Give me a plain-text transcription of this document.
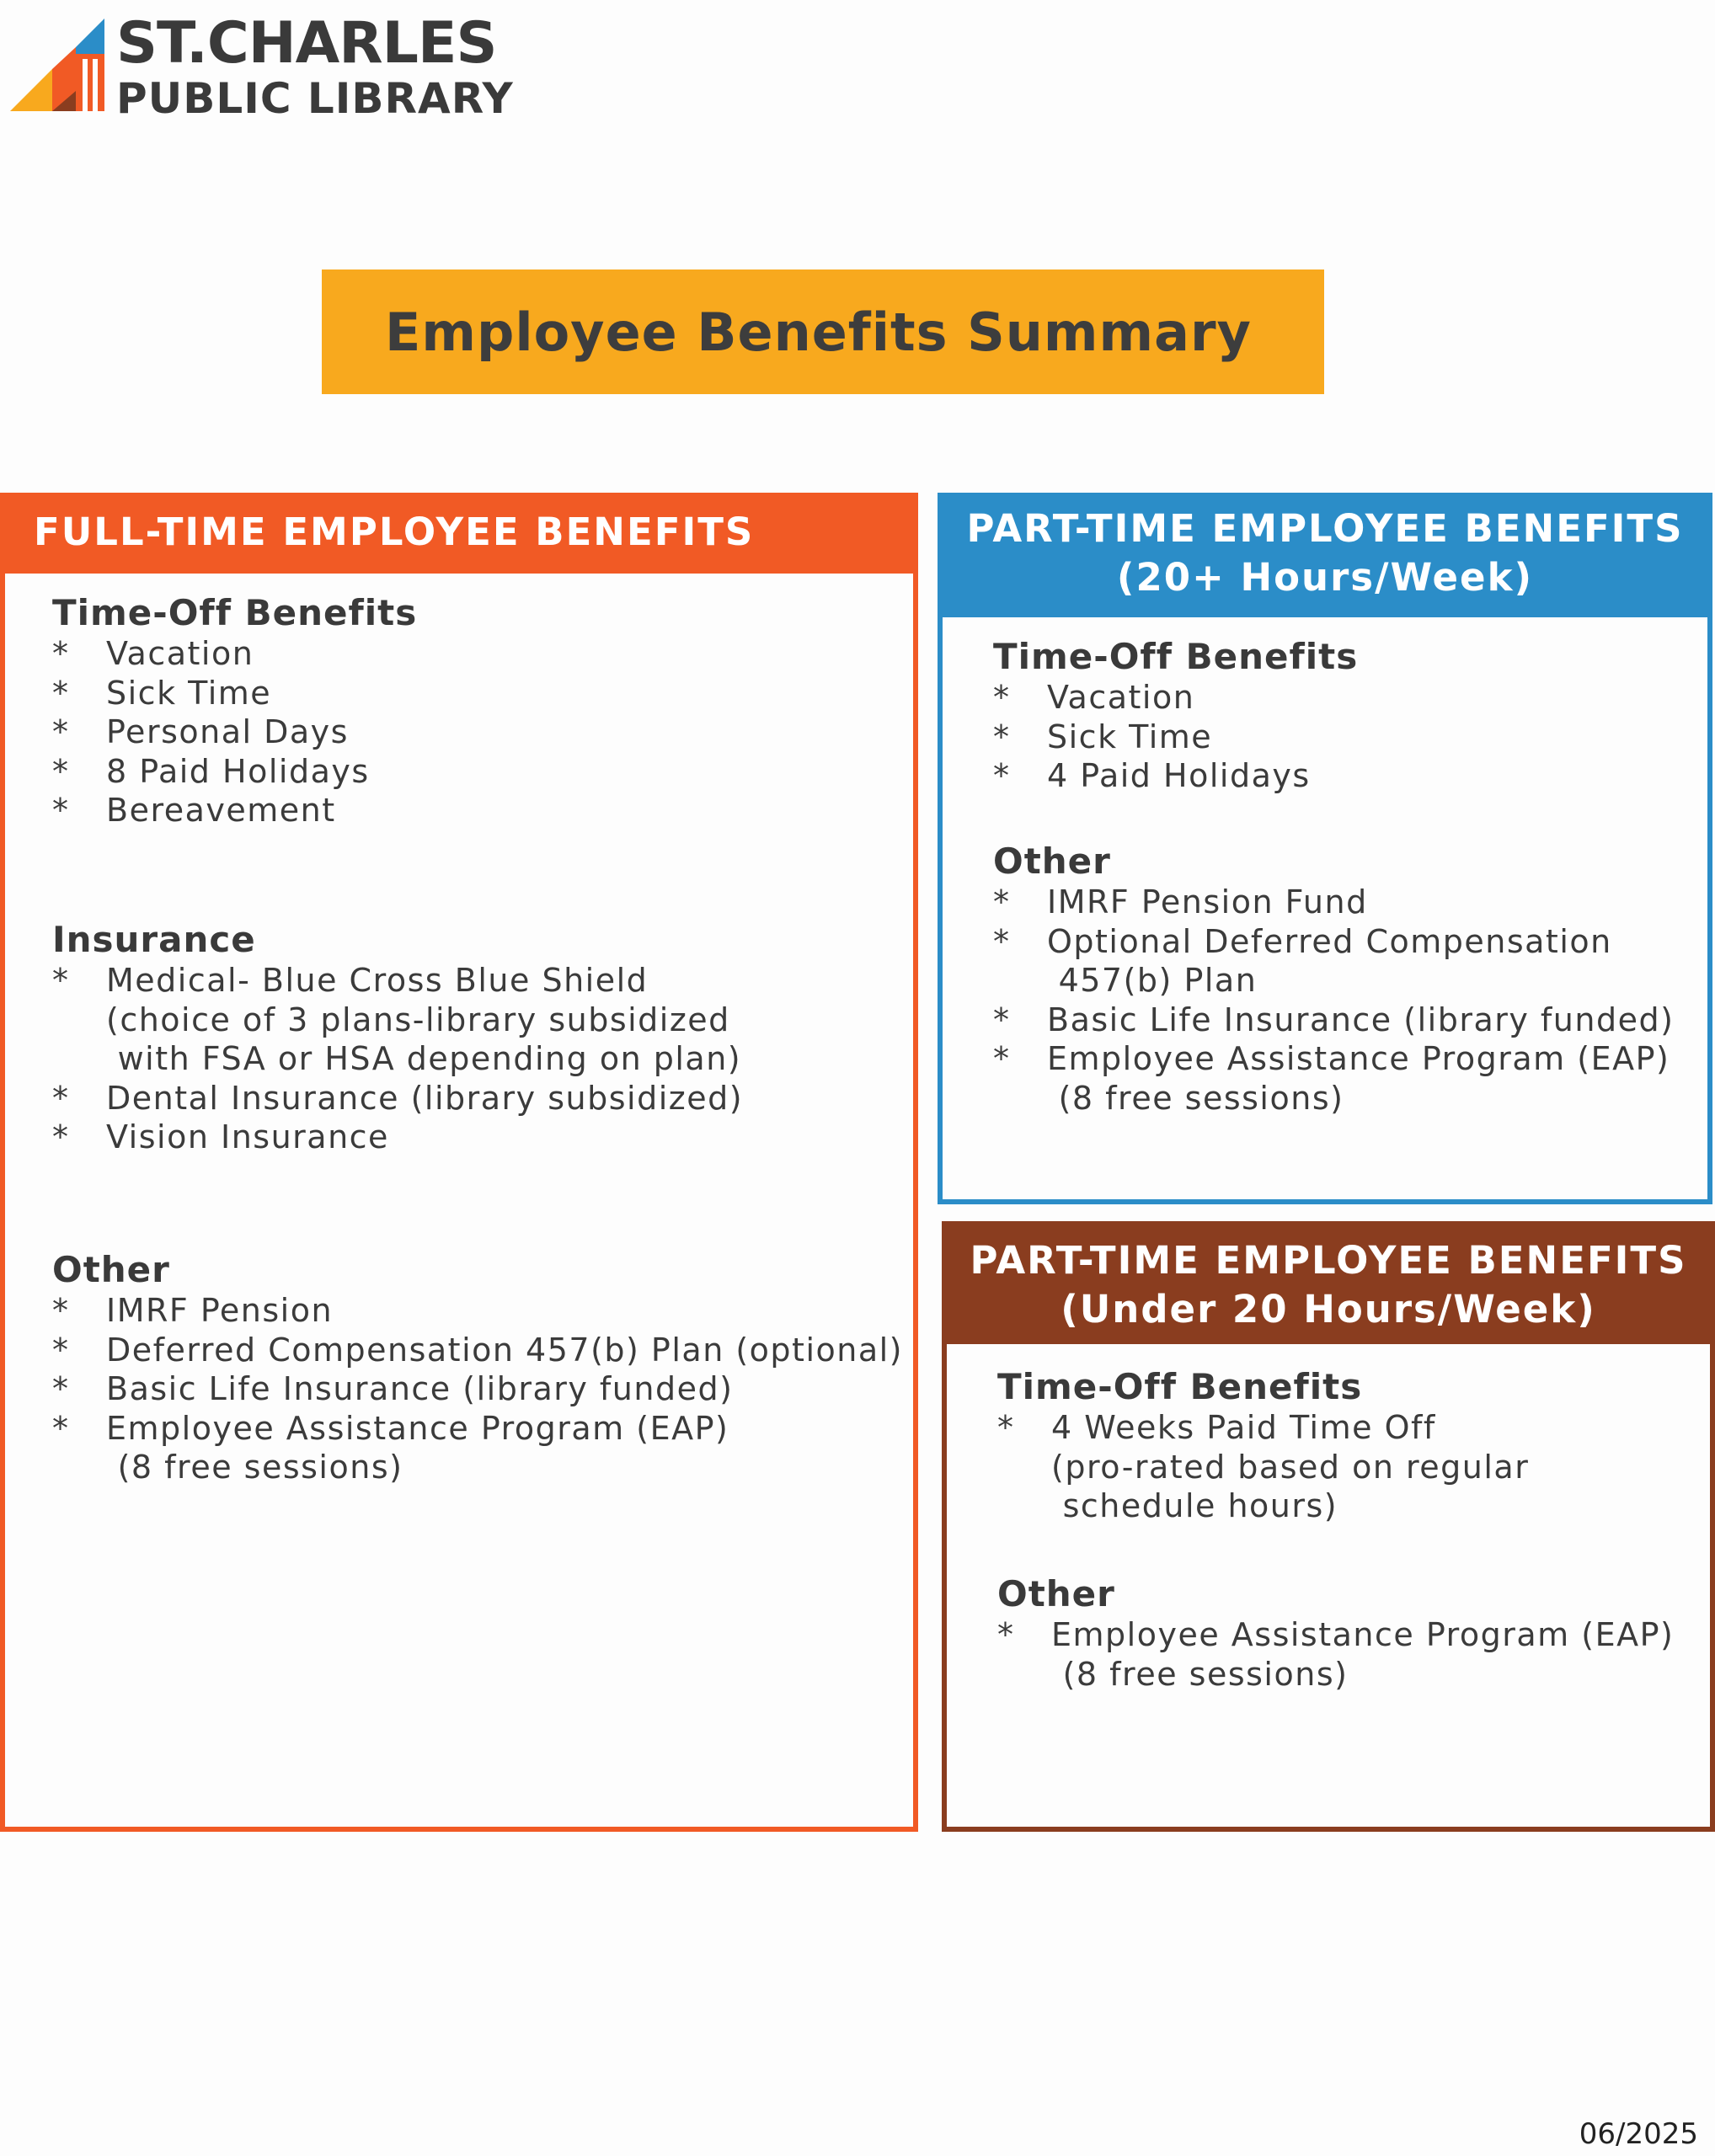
ST.CHARLES
PUBLIC LIBRARY
Employee Benefits Summary
FULL-TIME EMPLOYEE BENEFITS
Time-Off Benefits
* Vacation
* Sick Time
* Personal Days
* 8 Paid Holidays
* Bereavement
Insurance
* Medical- Blue Cross Blue Shield
(choice of 3 plans-library subsidized
with FSA or HSA depending on plan)
* Dental Insurance (library subsidized)
* Vision Insurance
Other
* IMRF Pension
* Deferred Compensation 457(b) Plan (optional)
* Basic Life Insurance (library funded)
* Employee Assistance Program (EAP)
(8 free sessions)
PART-TIME EMPLOYEE BENEFITS
(20+ Hours/Week)
Time-Off Benefits
* Vacation
* Sick Time
* 4 Paid Holidays
Other
* IMRF Pension Fund
* Optional Deferred Compensation
457(b) Plan
* Basic Life Insurance (library funded)
* Employee Assistance Program (EAP)
(8 free sessions)
PART-TIME EMPLOYEE BENEFITS
(Under 20 Hours/Week)
Time-Off Benefits
* 4 Weeks Paid Time Off
(pro-rated based on regular
schedule hours)
Other
* Employee Assistance Program (EAP)
(8 free sessions)
06/2025
